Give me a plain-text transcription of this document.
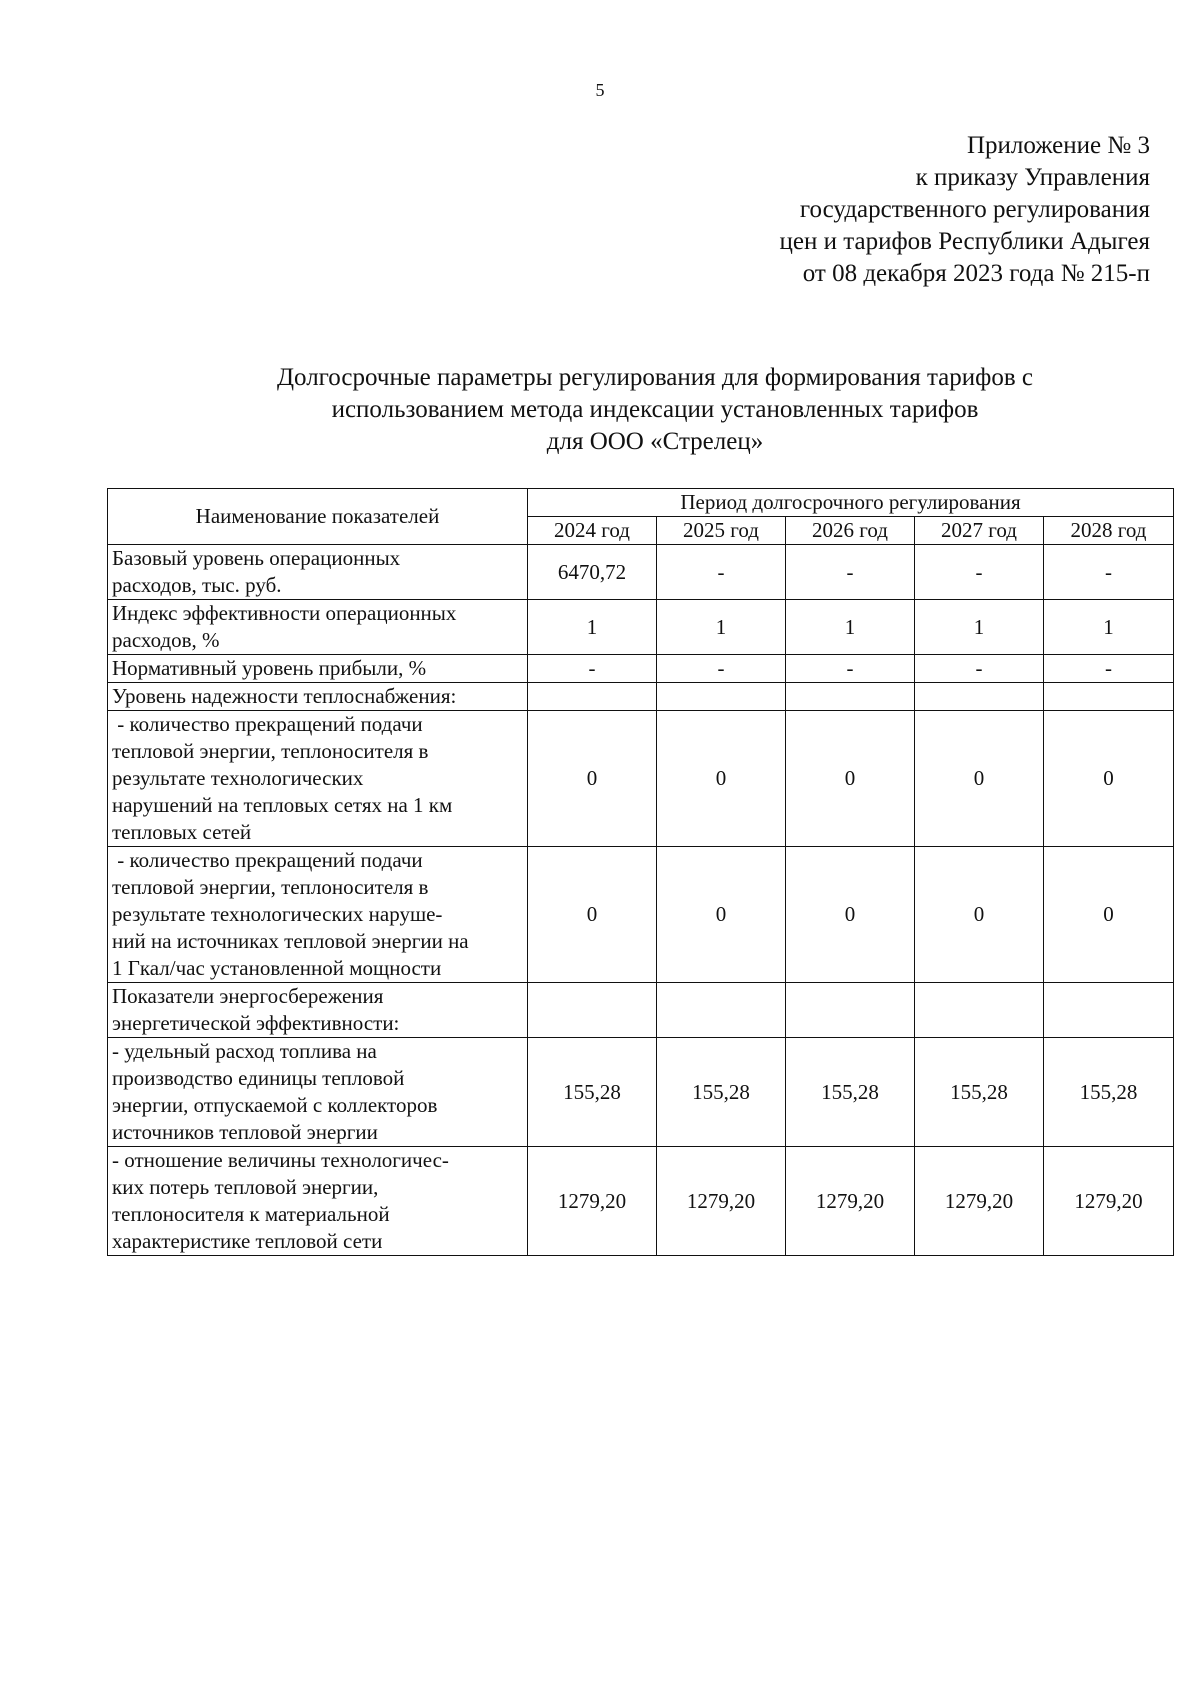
5
Приложение № 3
к приказу Управления
государственного регулирования
цен и тарифов Республики Адыгея
от 08 декабря 2023 года № 215-п
Долгосрочные параметры регулирования для формирования тарифов с
использованием метода индексации установленных тарифов
для ООО «Стрелец»
Наименование показателей	Период долгосрочного регулирования				
	2024 год	2025 год	2026 год	2027 год	2028 год

Базовый уровень операционных
расходов, тыс. руб.	6470,72	-	-	-	-

Индекс эффективности операционных
расходов, %	1	1	1	1	1

Нормативный уровень прибыли, %	-	-	-	-	-

Уровень надежности теплоснабжения:					

- количество прекращений подачи
тепловой энергии, теплоносителя в
результате технологических
нарушений на тепловых сетях на 1 км
тепловых сетей	0	0	0	0	0

- количество прекращений подачи
тепловой энергии, теплоносителя в
результате технологических наруше-
ний на источниках тепловой энергии на
1 Гкал/час установленной мощности	0	0	0	0	0

Показатели энергосбережения
энергетической эффективности:					

- удельный расход топлива на
производство единицы тепловой
энергии, отпускаемой с коллекторов
источников тепловой энергии	155,28	155,28	155,28	155,28	155,28

- отношение величины технологичес-
ких потерь тепловой энергии,
теплоносителя к материальной
характеристике тепловой сети	1279,20	1279,20	1279,20	1279,20	1279,20
